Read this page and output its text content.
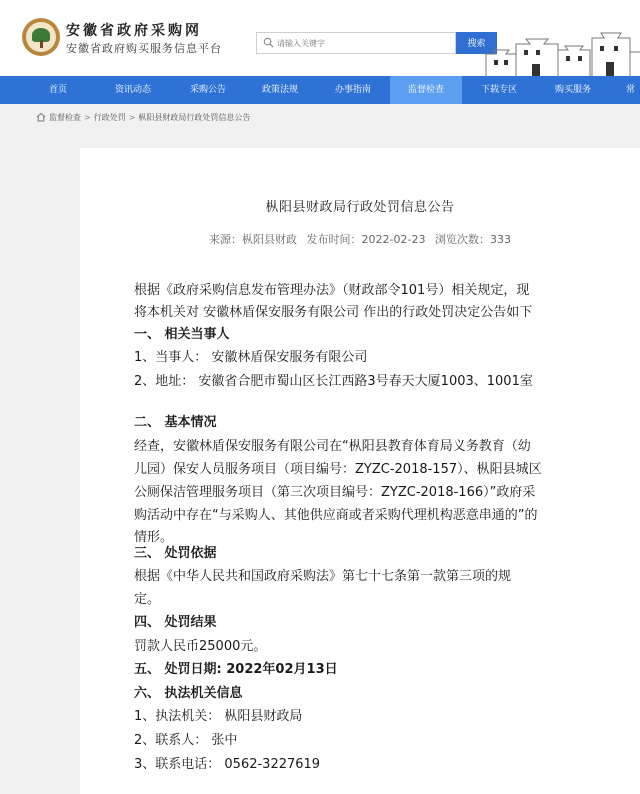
安徽省政府采购网
安徽省政府购买服务信息平台
请输入关键字	搜索
首页	资讯动态	采购公告	政策法规	办事指南	监督检查	下载专区	购买服务	常
监督检查 > 行政处罚 > 枞阳县财政局行政处罚信息公告
枞阳县财政局行政处罚信息公告
来源：枞阳县财政 发布时间：2022-02-23 浏览次数：333
根据《政府采购信息发布管理办法》（财政部令101号）相关规定，现
将本机关对 安徽林盾保安服务有限公司 作出的行政处罚决定公告如下
一、 相关当事人
1、当事人： 安徽林盾保安服务有限公司
2、地址： 安徽省合肥市蜀山区长江西路3号春天大厦1003、1001室
二、 基本情况
经查，安徽林盾保安服务有限公司在“枞阳县教育体育局义务教育（幼
儿园）保安人员服务项目（项目编号：ZYZC-2018-157）、枞阳县城区
公厕保洁管理服务项目（第三次项目编号：ZYZC-2018-166）”政府采
购活动中存在“与采购人、其他供应商或者采购代理机构恶意串通的”的
情形。
三、 处罚依据
根据《中华人民共和国政府采购法》第七十七条第一款第三项的规
定。
四、 处罚结果
罚款人民币25000元。
五、 处罚日期: 2022年02月13日
六、 执法机关信息
1、执法机关： 枞阳县财政局
2、联系人： 张中
3、联系电话： 0562-3227619
